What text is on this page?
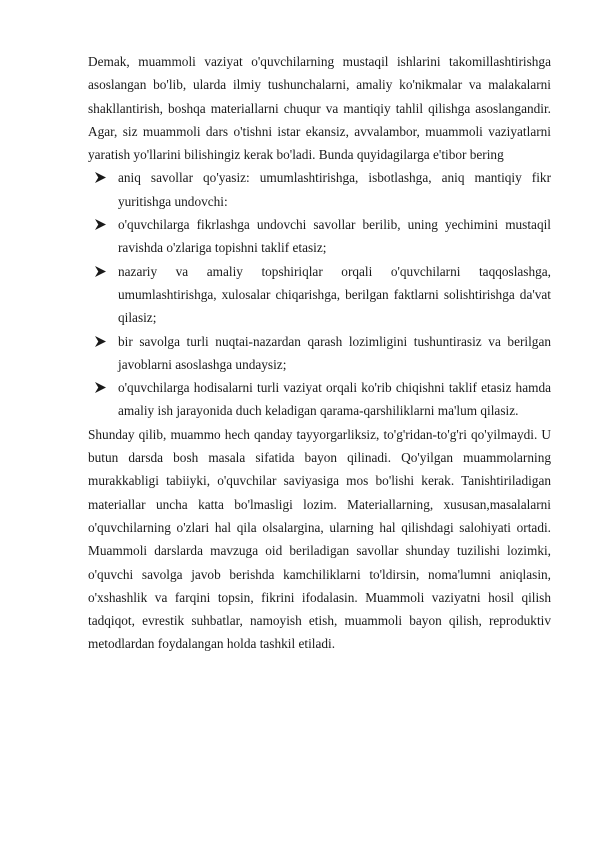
Demak, muammoli vaziyat o'quvchilarning mustaqil ishlarini takomillashtirishga asoslangan bo'lib, ularda ilmiy tushunchalarni, amaliy ko'nikmalar va malakalarni shakllantirish, boshqa materiallarni chuqur va mantiqiy tahlil qilishga asoslangandir. Agar, siz muammoli dars o'tishni istar ekansiz, avvalambor, muammoli vaziyatlarni yaratish yo'llarini bilishingiz kerak bo'ladi. Bunda quyidagilarga e'tibor bering

aniq savollar qo'yasiz: umumlashtirishga, isbotlashga, aniq mantiqiy fikr yuritishga undovchi:
o'quvchilarga fikrlashga undovchi savollar berilib, uning yechimini mustaqil ravishda o'zlariga topishni taklif etasiz;
nazariy va amaliy topshiriqlar orqali o'quvchilarni taqqoslashga, umumlashtirishga, xulosalar chiqarishga, berilgan faktlarni solishtirishga da'vat qilasiz;
bir savolga turli nuqtai-nazardan qarash lozimligini tushuntirasiz va berilgan javoblarni asoslashga undaysiz;
o'quvchilarga hodisalarni turli vaziyat orqali ko'rib chiqishni taklif etasiz hamda amaliy ish jarayonida duch keladigan qarama-qarshiliklarni ma'lum qilasiz.

Shunday qilib, muammo hech qanday tayyorgarliksiz, to'g'ridan-to'g'ri qo'yilmaydi. U butun darsda bosh masala sifatida bayon qilinadi. Qo'yilgan muammolarning murakkabligi tabiiyki, o'quvchilar saviyasiga mos bo'lishi kerak. Tanishtiriladigan materiallar uncha katta bo'lmasligi lozim. Materiallarning, xususan,masalalarni o'quvchilarning o'zlari hal qila olsalargina, ularning hal qilishdagi salohiyati ortadi. Muammoli darslarda mavzuga oid beriladigan savollar shunday tuzilishi lozimki, o'quvchi savolga javob berishda kamchiliklarni to'ldirsin, noma'lumni aniqlasin, o'xshashlik va farqini topsin, fikrini ifodalasin. Muammoli vaziyatni hosil qilish tadqiqot, evrestik suhbatlar, namoyish etish, muammoli bayon qilish, reproduktiv metodlardan foydalangan holda tashkil etiladi.
